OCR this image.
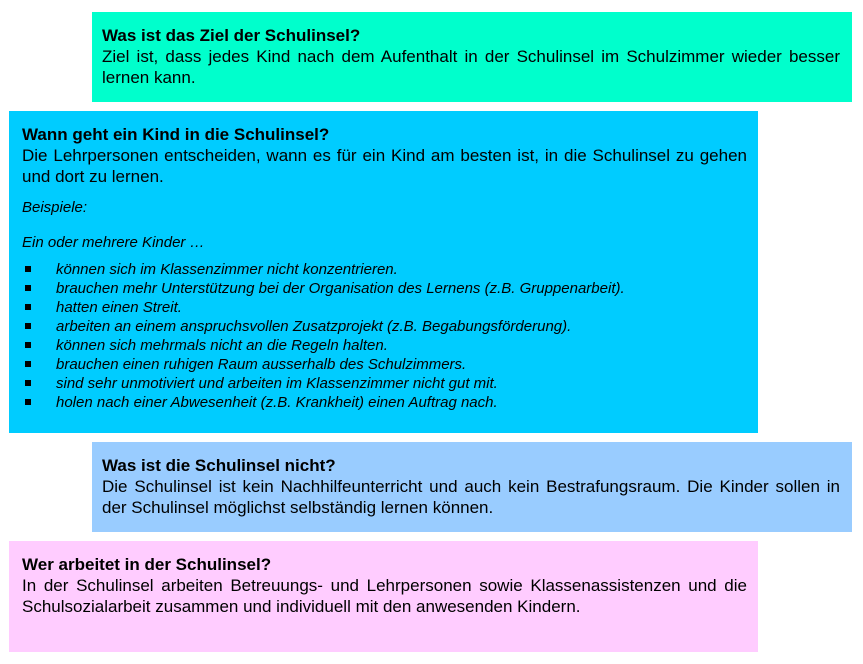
Was ist das Ziel der Schulinsel?

Ziel ist, dass jedes Kind nach dem Aufenthalt in der Schulinsel im Schulzimmer wieder besser lernen kann.

Wann geht ein Kind in die Schulinsel?

Die Lehrpersonen entscheiden, wann es für ein Kind am besten ist, in die Schulinsel zu gehen und dort zu lernen.

Beispiele:

Ein oder mehrere Kinder …

können sich im Klassenzimmer nicht konzentrieren.
brauchen mehr Unterstützung bei der Organisation des Lernens (z.B. Gruppenarbeit).
hatten einen Streit.
arbeiten an einem anspruchsvollen Zusatzprojekt (z.B. Begabungsförderung).
können sich mehrmals nicht an die Regeln halten.
brauchen einen ruhigen Raum ausserhalb des Schulzimmers.
sind sehr unmotiviert und arbeiten im Klassenzimmer nicht gut mit.
holen nach einer Abwesenheit (z.B. Krankheit) einen Auftrag nach.

Was ist die Schulinsel nicht?

Die Schulinsel ist kein Nachhilfeunterricht und auch kein Bestrafungsraum. Die Kinder sollen in der Schulinsel möglichst selbständig lernen können.

Wer arbeitet in der Schulinsel?

In der Schulinsel arbeiten Betreuungs- und Lehrpersonen sowie Klassenassistenzen und die Schulsozialarbeit zusammen und individuell mit den anwesenden Kindern.
